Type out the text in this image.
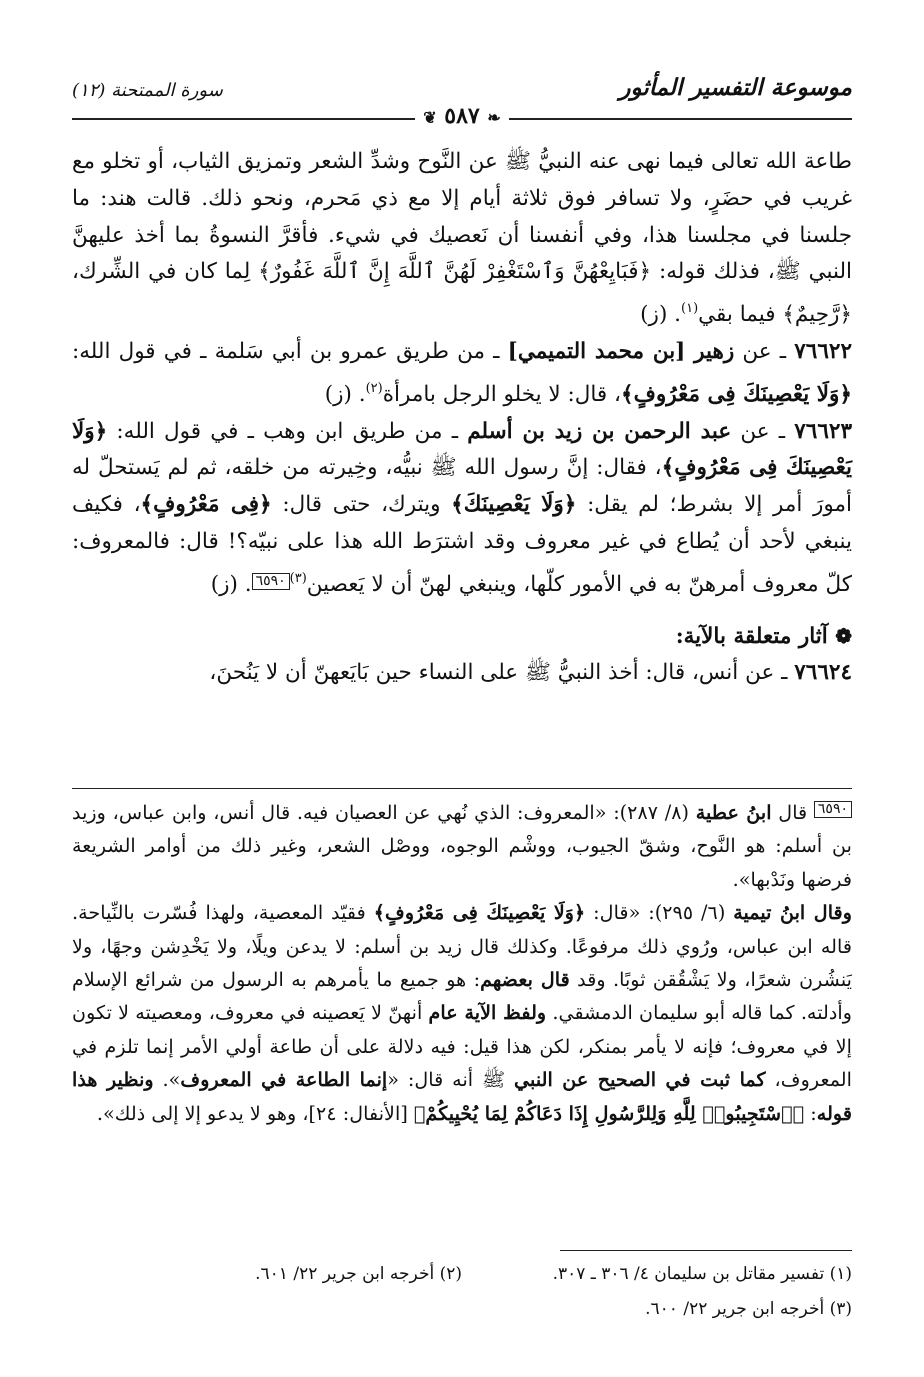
موسوعة التفسير المأثور
سورة الممتحنة (١٢)
❦ ٥٨٧ ❧

طاعة الله تعالى فيما نهى عنه النبيُّ ﷺ عن النَّوح وشدِّ الشعر وتمزيق الثياب، أو تخلو مع غريب في حضَرٍ، ولا تسافر فوق ثلاثة أيام إلا مع ذي مَحرم، ونحو ذلك. قالت هند: ما جلسنا في مجلسنا هذا، وفي أنفسنا أن نَعصيك في شيء. فأقرَّ النسوةُ بما أخذ عليهنَّ النبي ﷺ، فذلك قوله: ﴿فَبَايِعْهُنَّ وَٱسْتَغْفِرْ لَهُنَّ ٱللَّهَ إِنَّ ٱللَّهَ غَفُورٌ﴾ لِما كان في الشِّرك، ﴿رَّحِيمٌ﴾ فيما بقي$^{(١)}$. (ز)

٧٦٦٢٢ ـ عن زهير [بن محمد التميمي] ـ من طريق عمرو بن أبي سَلمة ـ في قول الله: ﴿وَلَا يَعْصِينَكَ فِى مَعْرُوفٍ﴾، قال: لا يخلو الرجل بامرأة$^{(٢)}$. (ز)

٧٦٦٢٣ ـ عن عبد الرحمن بن زيد بن أسلم ـ من طريق ابن وهب ـ في قول الله: ﴿وَلَا يَعْصِينَكَ فِى مَعْرُوفٍ﴾، فقال: إنَّ رسول الله ﷺ نبيُّه، وخِيرته من خلقه، ثم لم يَستحلّ له أمورَ أمر إلا بشرط؛ لم يقل: ﴿وَلَا يَعْصِينَكَ﴾ ويترك، حتى قال: ﴿فِى مَعْرُوفٍ﴾، فكيف ينبغي لأحد أن يُطاع في غير معروف وقد اشترَط الله هذا على نبيّه؟! قال: فالمعروف: كلّ معروف أمرهنّ به في الأمور كلّها، وينبغي لهنّ أن لا يَعصين$^{(٣)}$٦٥٩٠. (ز)

❁ آثار متعلقة بالآية:

٧٦٦٢٤ ـ عن أنس، قال: أخذ النبيُّ ﷺ على النساء حين بَايَعهنّ أن لا يَنُحنَ،

٦٥٩٠ قال ابنُ عطية (٨/ ٢٨٧): «المعروف: الذي نُهي عن العصيان فيه. قال أنس، وابن عباس، وزيد بن أسلم: هو النَّوح، وشقّ الجيوب، ووشْم الوجوه، ووصْل الشعر، وغير ذلك من أوامر الشريعة فرضها ونَدْبها».

وقال ابنُ تيمية (٦/ ٢٩٥): «قال: ﴿وَلَا يَعْصِينَكَ فِى مَعْرُوفٍ﴾ فقيّد المعصية، ولهذا فُسّرت بالنِّياحة. قاله ابن عباس، ورُوي ذلك مرفوعًا. وكذلك قال زيد بن أسلم: لا يدعن ويلًا، ولا يَخْدِشن وجهًا، ولا يَنشُرن شعرًا، ولا يَشْقُقن ثوبًا. وقد قال بعضهم: هو جميع ما يأمرهم به الرسول من شرائع الإسلام وأدلته. كما قاله أبو سليمان الدمشقي. ولفظ الآية عام أنهنّ لا يَعصينه في معروف، ومعصيته لا تكون إلا في معروف؛ فإنه لا يأمر بمنكر، لكن هذا قيل: فيه دلالة على أن طاعة أولي الأمر إنما تلزم في المعروف، كما ثبت في الصحيح عن النبي ﷺ أنه قال: «إنما الطاعة في المعروف». ونظير هذا قوله: ﴿ٱسْتَجِيبُوا۟ لِلَّهِ وَلِلرَّسُولِ إِذَا دَعَاكُمْ لِمَا يُحْيِيكُمْ﴾ [الأنفال: ٢٤]، وهو لا يدعو إلا إلى ذلك».

(١) تفسير مقاتل بن سليمان ٤/ ٣٠٦ ـ ٣٠٧.(٢) أخرجه ابن جرير ٢٢/ ٦٠١.
(٣) أخرجه ابن جرير ٢٢/ ٦٠٠.
